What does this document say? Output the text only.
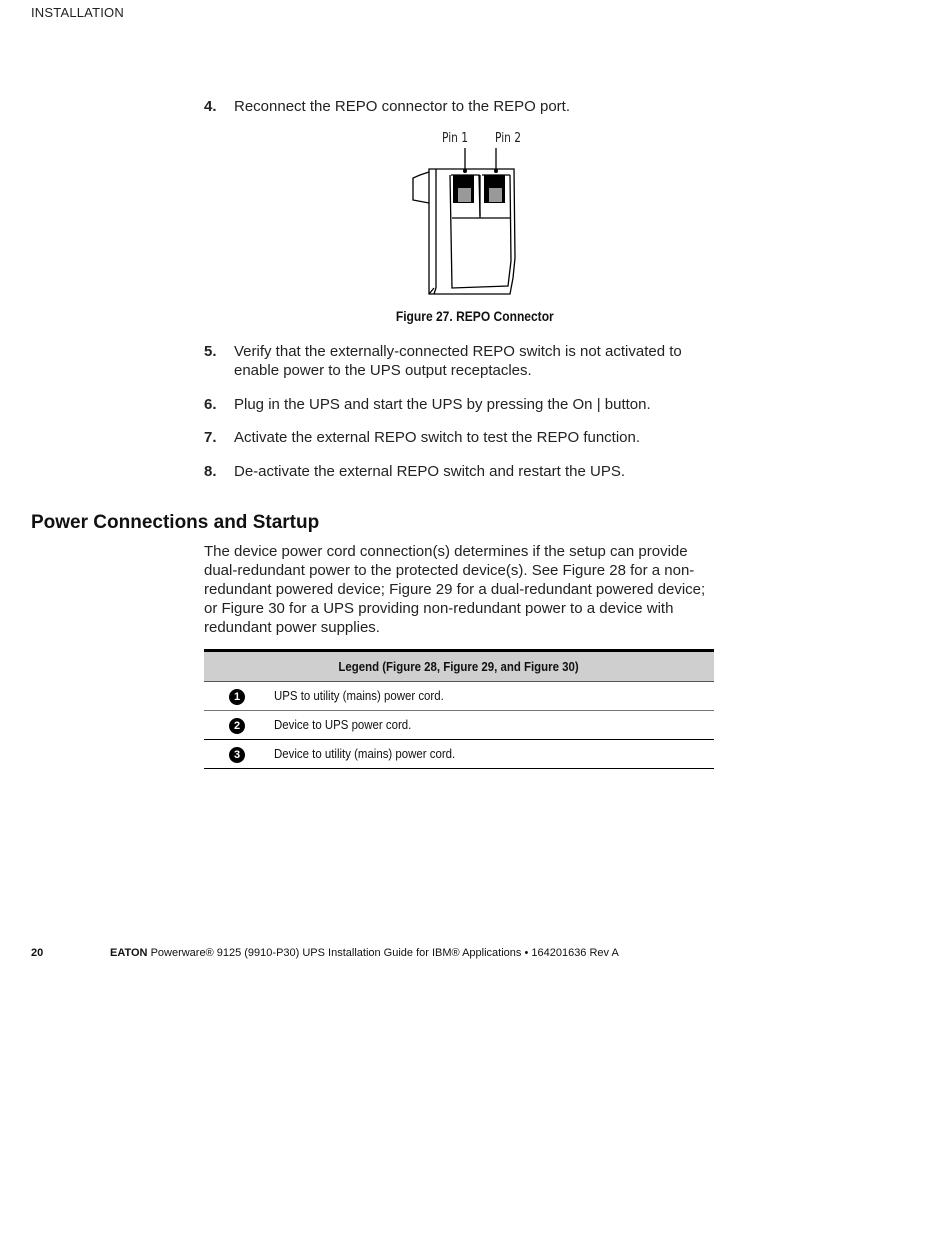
INSTALLATION
4. Reconnect the REPO connector to the REPO port.
Pin 1 Pin 2
Figure 27. REPO Connector
5. Verify that the externally-connected REPO switch is not activated to enable power to the UPS output receptacles.
6. Plug in the UPS and start the UPS by pressing the On | button.
7. Activate the external REPO switch to test the REPO function.
8. De-activate the external REPO switch and restart the UPS.
Power Connections and Startup
The device power cord connection(s) determines if the setup can provide dual-redundant power to the protected device(s). See Figure 28 for a non-redundant powered device; Figure 29 for a dual-redundant powered device; or Figure 30 for a UPS providing non-redundant power to a device with redundant power supplies.
Legend (Figure 28, Figure 29, and Figure 30)
1	UPS to utility (mains) power cord.
2	Device to UPS power cord.
3	Device to utility (mains) power cord.
20	EATON Powerware® 9125 (9910-P30) UPS Installation Guide for IBM® Applications • 164201636 Rev A
